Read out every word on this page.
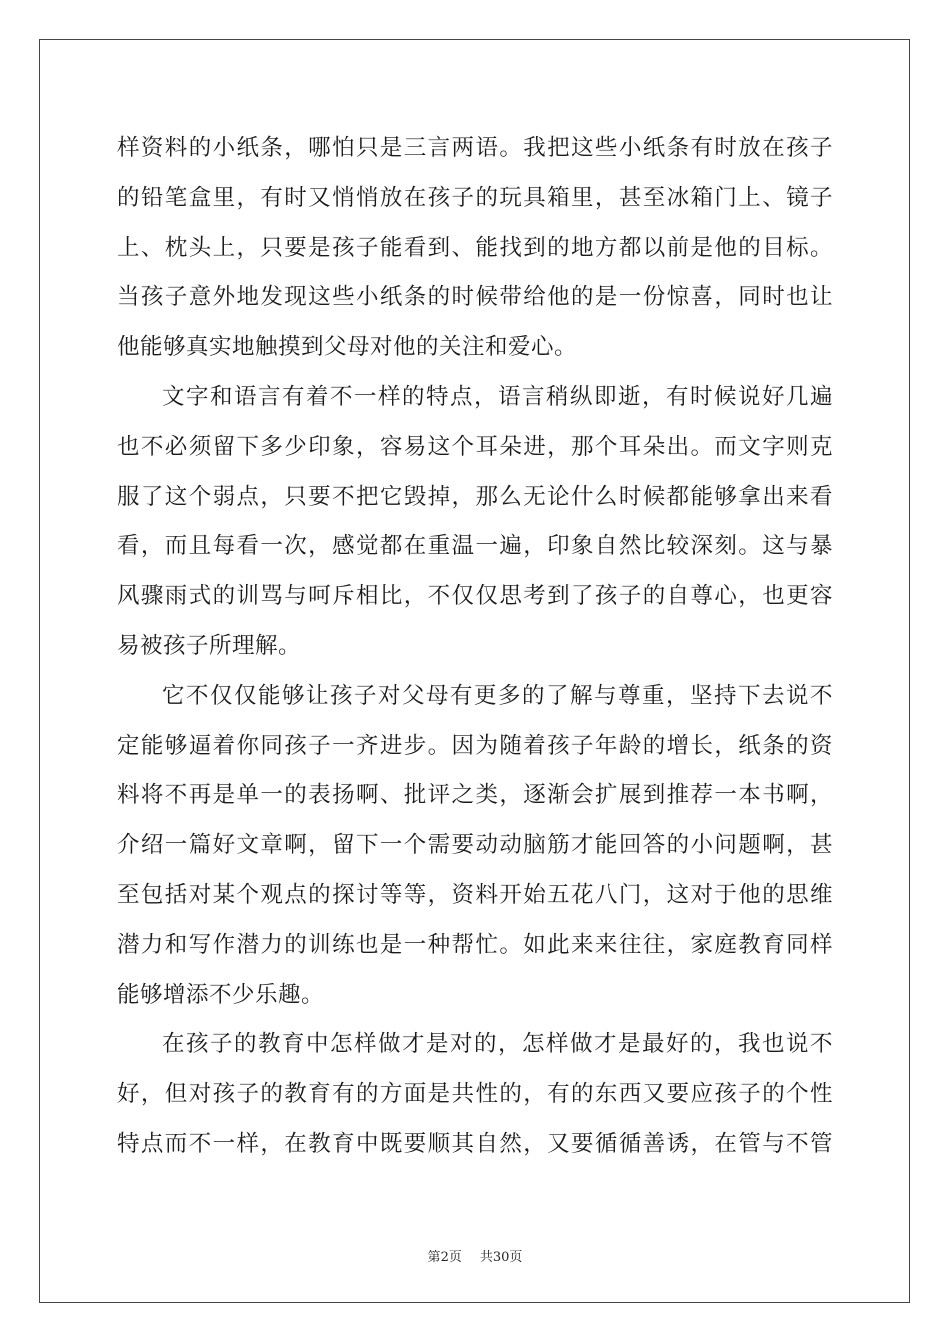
样资料的小纸条，哪怕只是三言两语。我把这些小纸条有时放在孩子
的铅笔盒里，有时又悄悄放在孩子的玩具箱里，甚至冰箱门上、镜子
上、枕头上，只要是孩子能看到、能找到的地方都以前是他的目标。
当孩子意外地发现这些小纸条的时候带给他的是一份惊喜，同时也让
他能够真实地触摸到父母对他的关注和爱心。
文字和语言有着不一样的特点，语言稍纵即逝，有时候说好几遍
也不必须留下多少印象，容易这个耳朵进，那个耳朵出。而文字则克
服了这个弱点，只要不把它毁掉，那么无论什么时候都能够拿出来看
看，而且每看一次，感觉都在重温一遍，印象自然比较深刻。这与暴
风骤雨式的训骂与呵斥相比，不仅仅思考到了孩子的自尊心，也更容
易被孩子所理解。
它不仅仅能够让孩子对父母有更多的了解与尊重，坚持下去说不
定能够逼着你同孩子一齐进步。因为随着孩子年龄的增长，纸条的资
料将不再是单一的表扬啊、批评之类，逐渐会扩展到推荐一本书啊，
介绍一篇好文章啊，留下一个需要动动脑筋才能回答的小问题啊，甚
至包括对某个观点的探讨等等，资料开始五花八门，这对于他的思维
潜力和写作潜力的训练也是一种帮忙。如此来来往往，家庭教育同样
能够增添不少乐趣。
在孩子的教育中怎样做才是对的，怎样做才是最好的，我也说不
好，但对孩子的教育有的方面是共性的，有的东西又要应孩子的个性
特点而不一样，在教育中既要顺其自然，又要循循善诱，在管与不管
第2页 共30页
